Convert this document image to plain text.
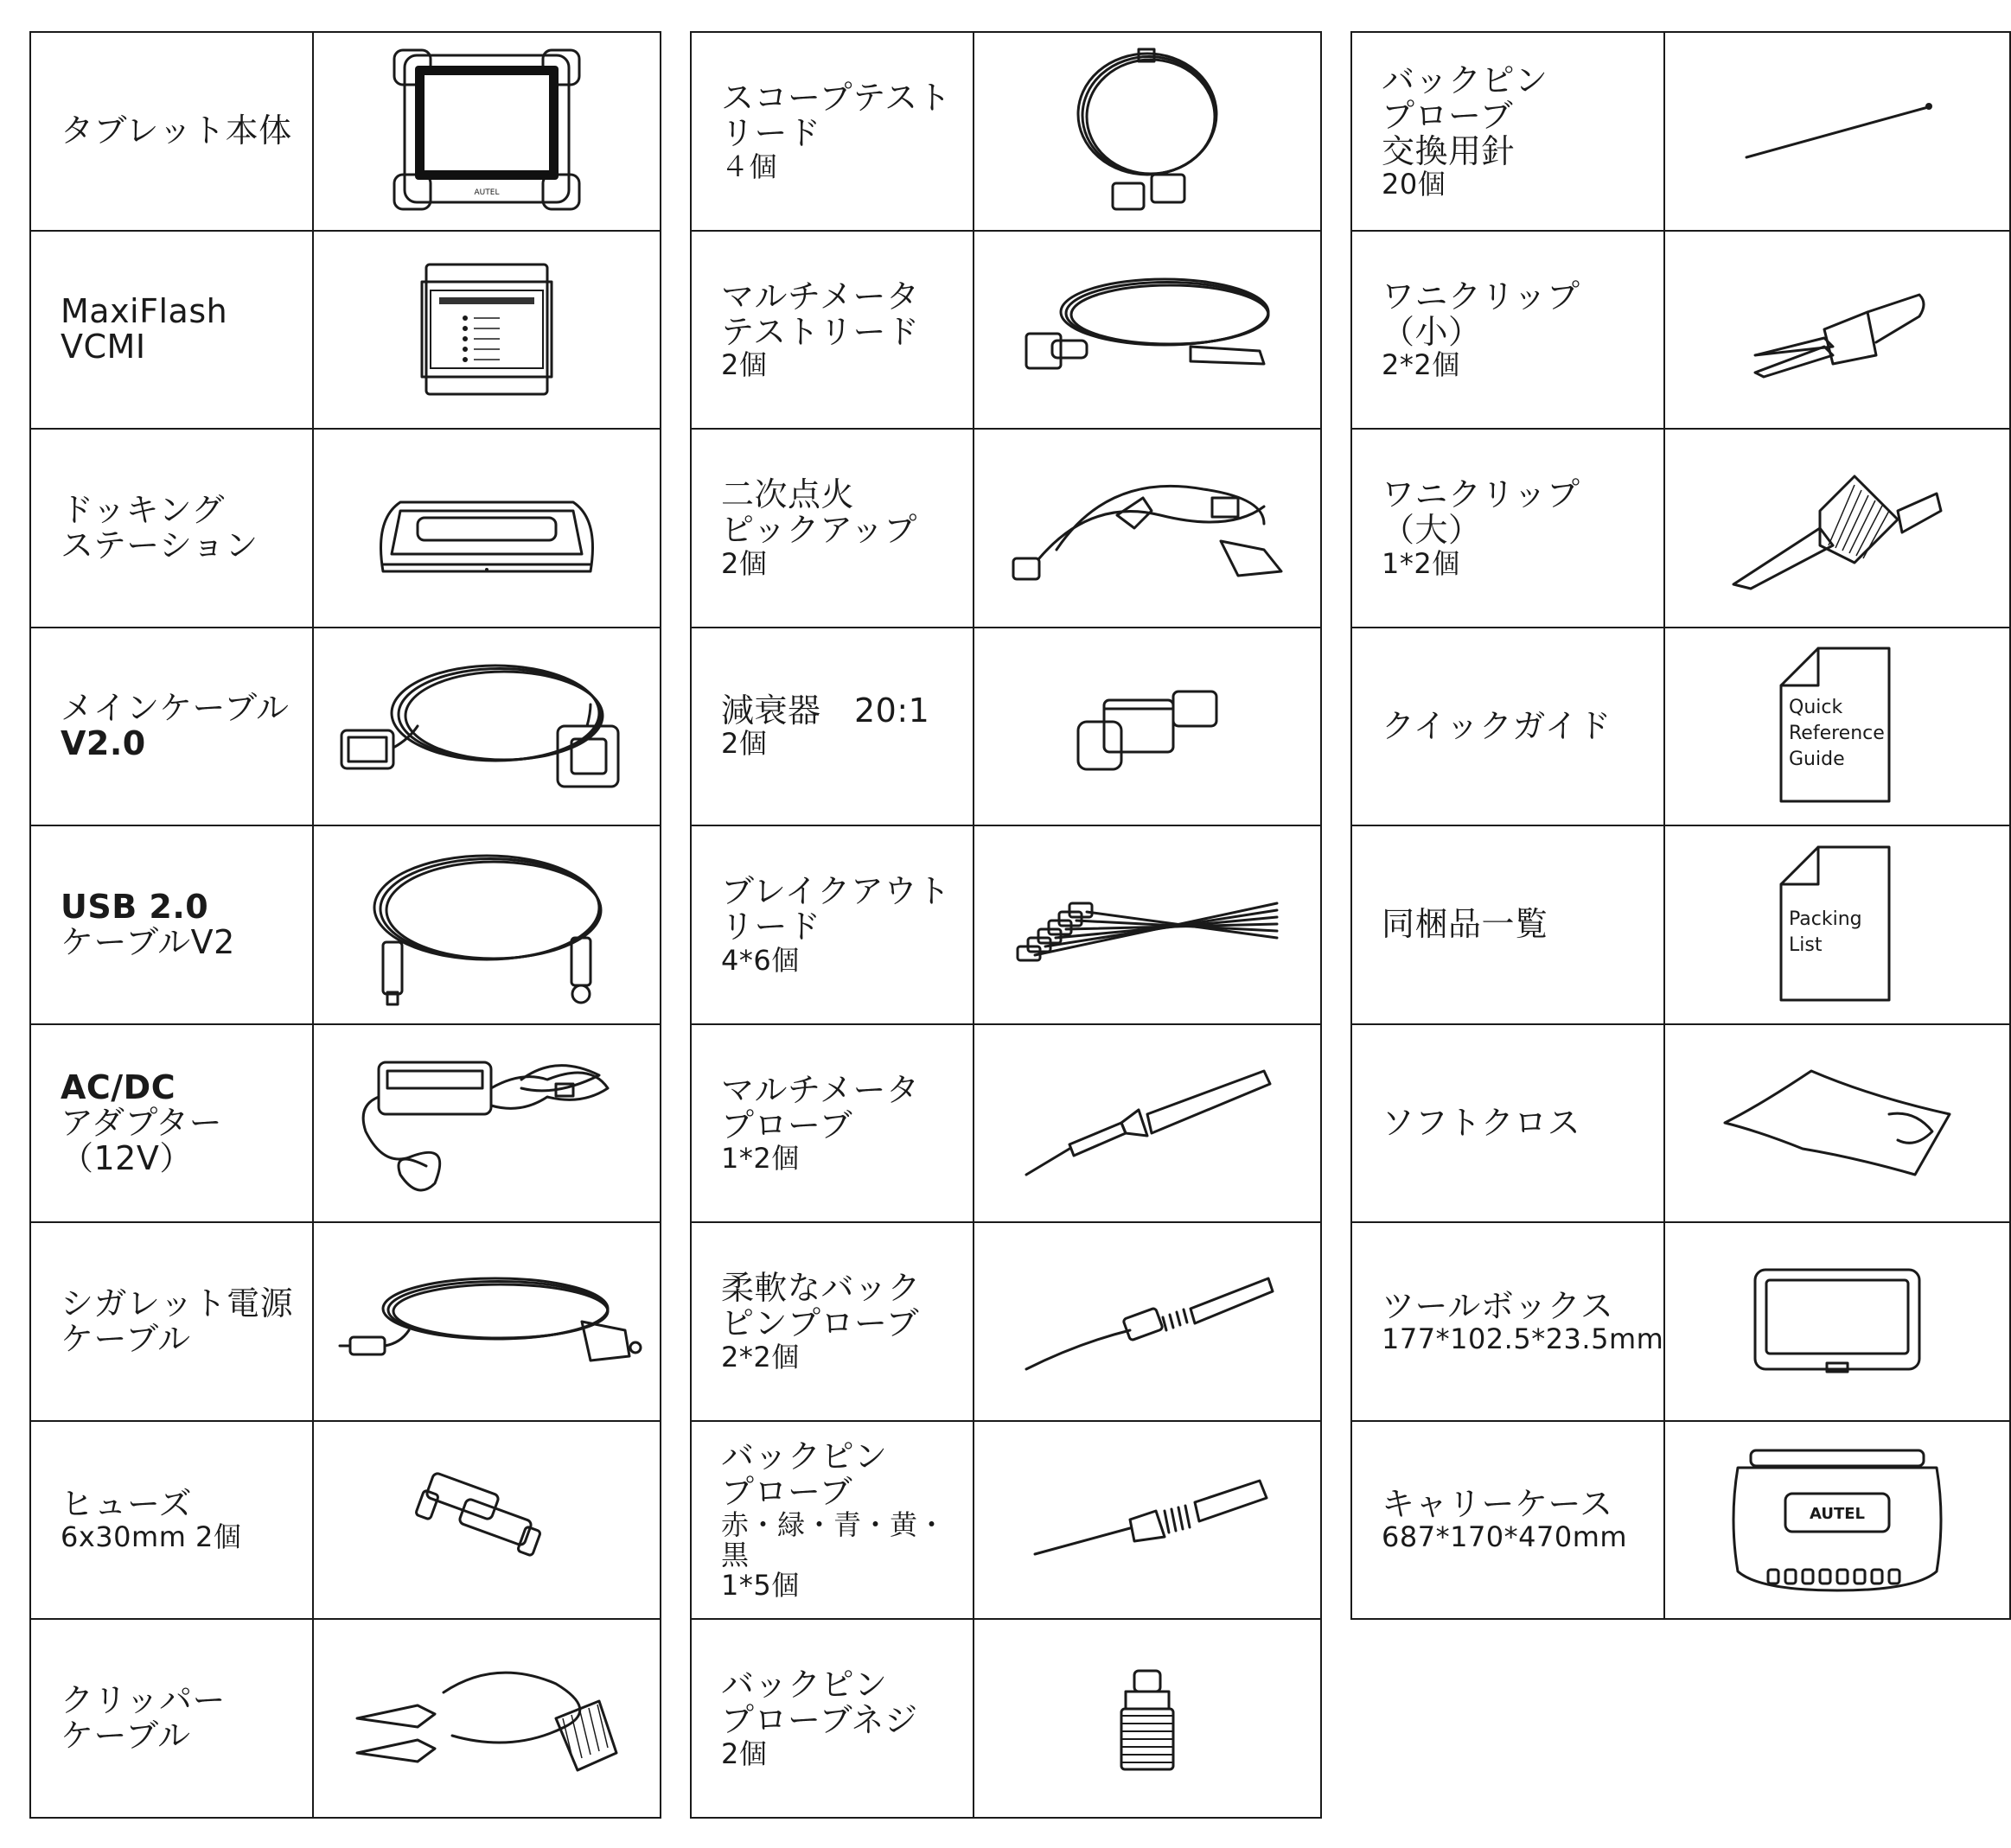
タブレット本体	AUTEL

MaxiFlash VCMI

ドッキング
ステーション

メインケーブル
V2.0

USB 2.0
ケーブルV2

AC/DC
アダプター（12V）

シガレット電源
ケーブル

ヒューズ
6x30mm 2個

クリッパー
ケーブル

スコープテスト
リード
４個

マルチメータ
テストリード
2個

二次点火
ピックアップ
2個

減衰器　20:1
2個

ブレイクアウト
リード
4*6個

マルチメータ
プローブ
1*2個

柔軟なバック
ピンプローブ
2*2個

バックピン
プローブ
赤・緑・青・黄・黒
1*5個

バックピン
プローブネジ
2個

バックピン
プローブ
交換用針
20個

ワニクリップ
（小）
2*2個

ワニクリップ
（大）
1*2個

クイックガイド	Quick
Reference
Guide

同梱品一覧	Packing
List

ソフトクロス

ツールボックス
177*102.5*23.5mm

キャリーケース
687*170*470mm	AUTEL
